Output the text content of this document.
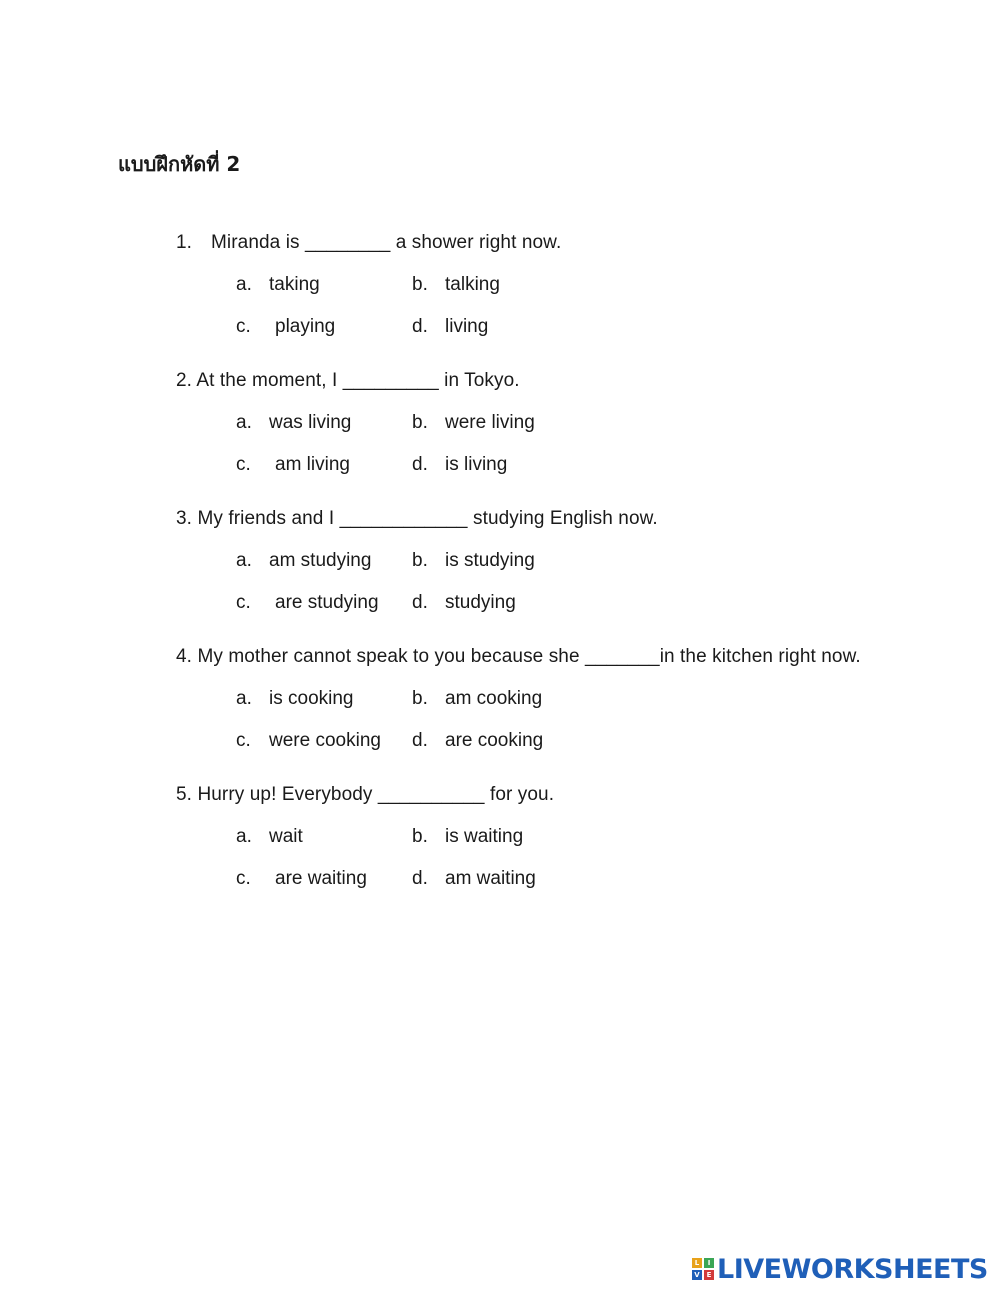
แบบฝึกหัดที่ 2
1. Miranda is ________ a shower right now.
a. taking	b. talking
c. playing	d. living
2. At the moment, I _________ in Tokyo.
a. was living	b. were living
c. am living	d. is living
3. My friends and I ____________ studying English now.
a. am studying b. is studying
c. are studying d. studying
4. My mother cannot speak to you because she _______in the kitchen right now.
a. is cooking	b. am cooking
c. were cooking d. are cooking
5. Hurry up! Everybody __________ for you.
a. wait	b. is waiting
c. are waiting d. am waiting
L	I
V E LIVEWORKSHEETS
